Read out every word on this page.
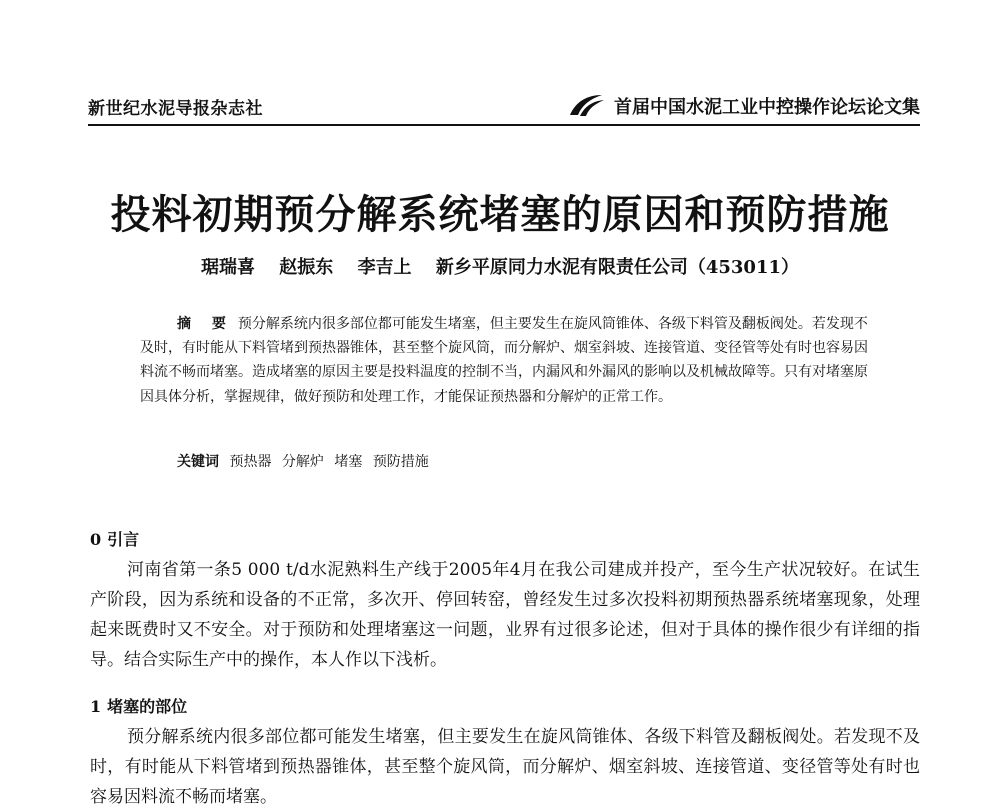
新世纪水泥导报杂志社	首届中国水泥工业中控操作论坛论文集
投料初期预分解系统堵塞的原因和预防措施
琚瑞喜 赵振东 李吉上 新乡平原同力水泥有限责任公司（453011）

摘 要 预分解系统内很多部位都可能发生堵塞，但主要发生在旋风筒锥体、各级下料管及翻板阀处。若发现不及时，有时能从下料管堵到预热器锥体，甚至整个旋风筒，而分解炉、烟室斜坡、连接管道、变径管等处有时也容易因料流不畅而堵塞。造成堵塞的原因主要是投料温度的控制不当，内漏风和外漏风的影响以及机械故障等。只有对堵塞原因具体分析，掌握规律，做好预防和处理工作，才能保证预热器和分解炉的正常工作。

关键词 预热器 分解炉 堵塞 预防措施
0 引言

河南省第一条5 000 t/d水泥熟料生产线于2005年4月在我公司建成并投产，至今生产状况较好。在试生产阶段，因为系统和设备的不正常，多次开、停回转窑，曾经发生过多次投料初期预热器系统堵塞现象，处理起来既费时又不安全。对于预防和处理堵塞这一问题，业界有过很多论述，但对于具体的操作很少有详细的指导。结合实际生产中的操作，本人作以下浅析。

1 堵塞的部位

预分解系统内很多部位都可能发生堵塞，但主要发生在旋风筒锥体、各级下料管及翻板阀处。若发现不及时，有时能从下料管堵到预热器锥体，甚至整个旋风筒，而分解炉、烟室斜坡、连接管道、变径管等处有时也容易因料流不畅而堵塞。
